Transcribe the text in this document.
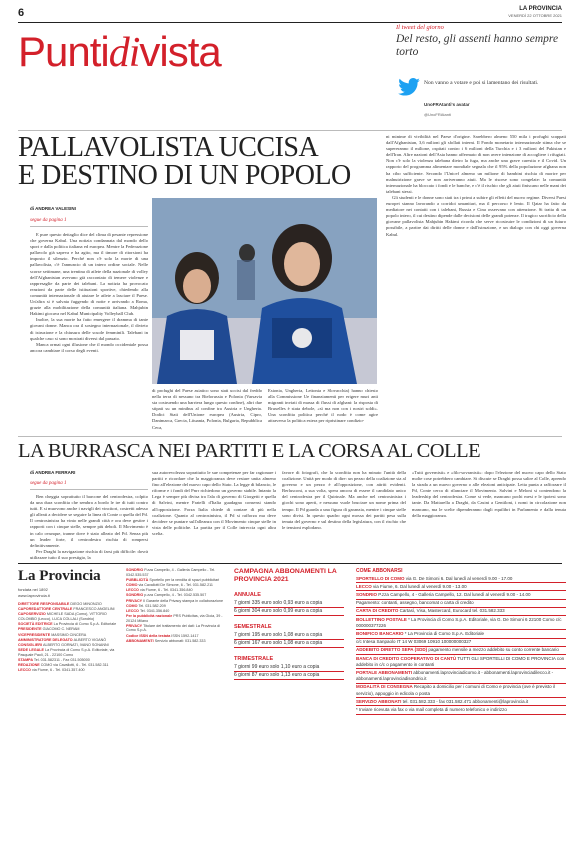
6	LA PROVINCIA
VENERDÌ 22 OTTOBRE 2021
Puntidivista
Il tweet del giorno
Del resto, gli assenti hanno sempre torto
Non vanno a votare e poi si lamentano dei risultati.
UnoFRAtanti's avatar
@UnoFRAtanti
PALLAVOLISTA UCCISA
E DESTINO DI UN POPOLO
di ANDREA VALESINI
segue da pagina 1

E pure questo dettaglio dice del clima di pesante repressione che governa Kabul. Una notizia condannata dal mondo dello sport e dalla politica italiana ed europea. Mentre la Federazione pallavolo già sapeva e ha agito, ma il timore di ritorsioni ha imposto il silenzio. Perché non c'è solo la morte di una pallavolista, c'è l'annuncio di un intero ordine sociale. Nelle scorse settimane, una trentina di atlete della nazionale di volley dell'Afghanistan avevano già raccontato di temere violenze e rappresaglie da parte dei talebani. La notizia ha provocato reazioni da parte delle istituzioni sportive, chiedendo alla comunità internazionale di aiutare le atlete a lasciare il Paese. Un'altra si è salvata fuggendo di notte e arrivando a Roma, grazie alla mobilitazione della comunità italiana. Mahjubin Hakimi giocava nel Kabul Municipality Volleyball Club.

Inoltre, la sua morte ha fatto emergere il dramma di tante giovani donne. Manca ora il sostegno internazionale, il divieto di istruzione e la chiusura delle scuole femminili. Talebani in qualche caso si sono mostrati diversi dal passato.

Manca ormai ogni illusione che il mondo occidentale possa ancora cambiare il corso degli eventi.

di profughi del Paese asiatico sono stati uccisi dal freddo nella terra di nessuno tra Bielorussia e Polonia (Varsavia sta costruendo una barriera lungo questo confine), altri due stipati su un minibus al confine tra Austria e Ungheria. Dodici Stati dell'Unione europea (Austria, Cipro, Danimarca, Grecia, Lituania, Polonia, Bulgaria, Repubblica Ceca,

Estonia, Ungheria, Lettonia e Slovacchia) hanno chiesto alla Commissione Ue finanziamenti per erigere muri anti migranti inviati di massa di flussi di afghani: la risposta di Bruxelles è stata debole, «sì ma non con i nostri soldi». Una sconfitta politica perché il nodo è come agire attraverso la politica estera per ripristinare condizio-

ni minime di vivibilità nel Paese d'origine. Sarebbero almeno 550 mila i profughi scappati dall'Afghanistan, 3,6 milioni gli sfollati interni. Il Fondo monetario internazionale stima che se supereranno il milione, ospitati contro i 6 milioni della Turchia e i 3 milioni del Pakistan e dell'Iran. Altre nazioni dell'Asia hanno affermato di non avere intenzione di accogliere i rifugiati. Non c'è solo la violenza talebana dietro la fuga, ma anche una grave carestia e il Covid. Un rapporto del programma alimentare mondiale segnala che il 95% della popolazione afghana non ha cibo sufficiente. Secondo l'Unicef almeno un milione di bambini rischia di morire per malnutrizione grave se non arriveranno aiuti. Ma le risorse sono congelate: la comunità internazionale ha bloccato i fondi e le banche, e c'è il rischio che gli aiuti finiscano nelle mani dei talebani stessi.

Gli studenti e le donne sono stati tra i primi a subire gli effetti del nuovo regime. Diversi Paesi europei stanno lavorando a corridoi umanitari, ma il percorso è lento. Il Qatar ha fatto da mediatore nei contatti con i talebani, Russia e Cina osservano con attenzione. Si tratta di un popolo intero, il cui destino dipende dalle decisioni delle grandi potenze. Il tragico sacrificio della giovane pallavolista Mahjubin Hakimi ricorda che serve ricostruire le condizioni di un futuro possibile, a partire dai diritti delle donne e dall'istruzione, e un dialogo con chi oggi governa Kabul.

LA BURRASCA NEI PARTITI E LA CORSA AL COLLE
di ANDREA FERRARI
segue da pagina 1

Ben cheggia soprattutto il barcone del centrodestra, colpito da una dura sconfitta che sembra a bordo le ire di tutti contro tutti. E si muovono anche i navigli dei vincitori, costretti adesso gli alleati a decidere se seguire la linea di Conte o quella del Pd. Il centrosinistra ha vinto nelle grandi città e ora deve gestire i rapporti con i cinque stelle, sempre più deboli. Il Movimento è in calo ovunque, tranne dove è stato alleato del Pd. Senza più un leader forte, il centrodestra rischia di rompersi definitivamente.

Per Draghi la navigazione rischia di farsi più difficile: dovrà utilizzare tutto il suo prestigio, la

sua autorevolezza soprattutto le sue competenze per far ragionare i partiti e ricordare che la maggioranza deve restare unita almeno fino all'elezione del nuovo capo dello Stato. La legge di bilancio, le riforme e i fondi del Pnrr richiedono un governo stabile. Intanto la Lega è sempre più divisa tra l'ala di governo di Giorgetti e quella di Salvini, mentre Fratelli d'Italia guadagna consensi stando all'opposizione. Forza Italia chiede di contare di più nella coalizione. Quanto al centrosinistra, il Pd si rafforza ma deve decidere se puntare sull'alleanza con il Movimento cinque stelle in vista delle politiche. La partita per il Colle intreccia ogni altra scelta.
favore di fotografi, che la sconfitta non ha minato l'unità della coalizione. Unità per modo di dire: un pezzo della coalizione sta al governo e un pezzo è all'opposizione, con attriti evidenti. Berlusconi, a sua volta, spera ancora di essere il candidato unico del centrodestra per il Quirinale. Ma anche nel centrosinistra i giochi sono aperti, e nessuno vuole bruciare un nome prima del tempo. Il Pd guarda a una figura di garanzia, mentre i cinque stelle sono divisi. In questo quadro ogni mossa dei partiti pesa sulla tenuta del governo e sul destino della legislatura, con il rischio che le tensioni esplodano.
«Tutti governisti» e «filo-sovranisti»: dopo l'elezione del nuovo capo dello Stato molte cose potrebbero cambiare. Si discute se Draghi possa salire al Colle, aprendo la strada a un nuovo governo o alle elezioni anticipate. Letta punta a rafforzare il Pd, Conte cerca di rilanciare il Movimento. Salvini e Meloni si contendono la leadership del centrodestra. Come si vede, mancano pochi mesi e le ipotesi sono tante. Da Mattarella a Draghi, da Casini a Gentiloni, i nomi in circolazione non mancano, ma le scelte dipenderanno dagli equilibri in Parlamento e dalla tenuta della maggioranza.
La Provincia
fondata nel 1892
www.laprovincia.it
DIRETTORE RESPONSABILE DIEGO MINONZIO
CAPOREDATTORE CENTRALE FRANCESCO ANGELINI
CAPOSERVIZIO MICHELE SADA (Como), VITTORIO COLOMBO (Lecco), LUCA COLLALI (Sondrio)
SOCIETÀ EDITRICE La Provincia di Como S.p.A. Editoriale
PRESIDENTE GIACOMO C. NERAM
VICEPRESIDENTE MASSIMO CINCERA
AMMINISTRATORE DELEGATO ALBERTO VIGANÒ
CONSIGLIERI ALBERTO GORNATI, IVANO SONANNI
SEDE LEGALE La Provincia di Como S.p.A. Editoriale, via Pasquale Paoli, 21 - 22100 Como
STAMPA Tel. 031.582311 - Fax 031.505000
REDAZIONE COMO via Cavallotti, 6 - Tel. 031.582.311
LECCO via Fiume, 6 - Tel. 0341.357.400
SONDRIO P.zza Campello, 4 - Galleria Campello - Tel. 0342.535.537
PUBBLICITÀ Sportello per la vendita di spazi pubblicitari
COMO via Cavallotti De Simone, 6 - Tel. 031.582.211
LECCO via Fiume, 6 - Tel. 0341.356.840
SONDRIO p.zza Campello, 4 - Tel. 0342.535.507
PRIVACY Il Garante della Privacy stampa in collaborazione
COMO Tel. 031.582.209
LECCO Tel. 0341.356.840
Per la pubblicità nazionale PRS Publicitas, via Gioia, 39 - 20124 Milano
PRIVACY Titolare del trattamento dei dati: La Provincia di Como S.p.A.
Codice ISSN della testata ISSN 1592-1417
ABBONAMENTI Servizio abbonati: 031.582.333
CAMPAGNA ABBONAMENTI LA PROVINCIA 2021
ANNUALE
7 giorni 335 euro solo 0,93 euro a copia
6 giorni 304 euro solo 0,99 euro a copia
SEMESTRALE
7 giorni 195 euro solo 1,08 euro a copia
6 giorni 167 euro solo 1,08 euro a copia
TRIMESTRALE
7 giorni 99 euro solo 1,10 euro a copia
6 giorni 87 euro solo 1,13 euro a copia
COME ABBONARSI
SPORTELLO DI COMO via G. De Simoni 6. Dal lunedì al venerdì 9.00 - 17.00
LECCO via Fiume, 6. Dal lunedì al venerdì 9.00 - 13.00
SONDRIO P.zza Campello, 4 - Galleria Campello, 12. Dal lunedì al venerdì 9.00 - 14.00
Pagamento: contanti, assegno, bancomat o carta di credito
CARTA DI CREDITO Cartasì, Visa, Mastercard, Eurocard tel. 031.582.333
BOLLETTINO POSTALE * La Provincia di Como S.p.A. Editoriale, via G. De Simoni 6 22100 Como c/c 000000377226
BONIFICO BANCARIO * La Provincia di Como S.p.A. Editoriale
c/c Intesa Sanpaolo IT 14 W 03069 10910 100000000327
ADDEBITO DIRETTO SEPA (SDD) pagamento mensile a mezzo addebito su conto corrente bancario
BANCA DI CREDITO COOPERATIVO DI CANTÙ TUTTI GLI SPORTELLI DI COMO E PROVINCIA con addebito in c/c o pagamento in contanti
PORTALE ABBONAMENTI abbonamenti.laprovinciadicomo.it - abbonamenti.laprovinciadilecco.it - abbonamenti.laprovinciadisondrio.it
MODALITÀ DI CONSEGNA Recapito a domicilio per i comuni di Como e provincia (ove è previsto il servizio), appoggio in edicola o posta
SERVIZIO ABBONATI tel. 031.582.333 - fax 031.582.471 abbonamenti@laprovincia.it
* Inviare ricevuta via fax o via mail completa di numero telefonico e indirizzo
